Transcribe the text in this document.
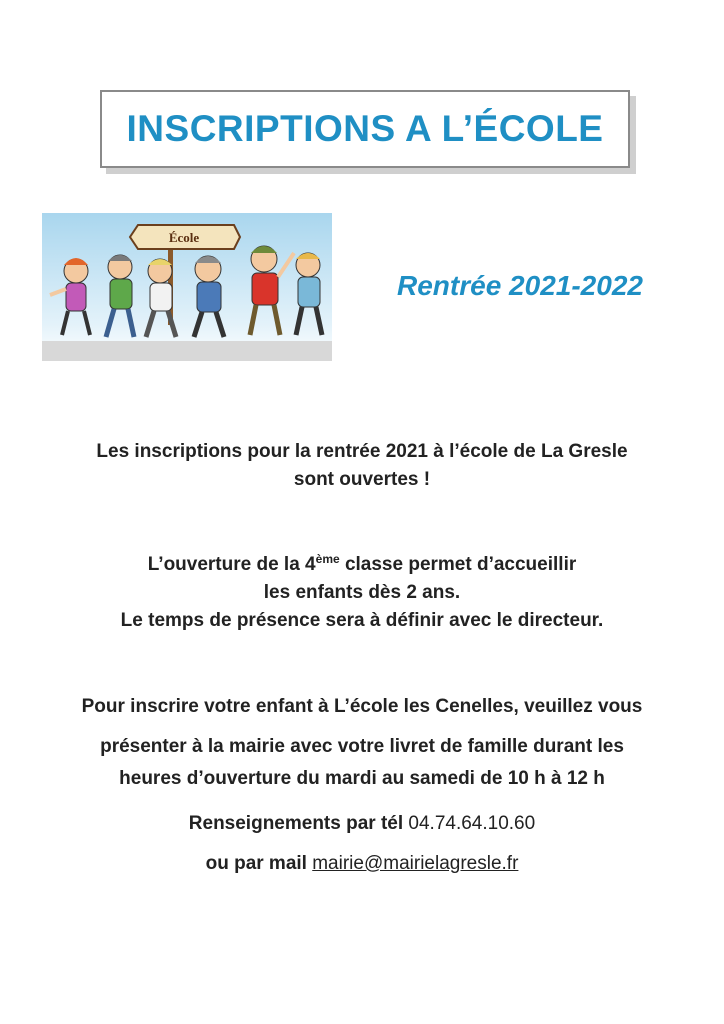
INSCRIPTIONS A L’ÉCOLE
École
Rentrée 2021-2022
Les inscriptions pour la rentrée 2021 à l’école de La Gresle
sont ouvertes !
L’ouverture de la 4ème classe permet d’accueillir
les enfants dès 2 ans.
Le temps de présence sera à définir avec le directeur.
Pour inscrire votre enfant à L’école les Cenelles, veuillez vous
présenter à la mairie avec votre livret de famille durant les
heures d’ouverture du mardi au samedi de 10 h à 12 h
Renseignements par tél 04.74.64.10.60
ou par mail mairie@mairielagresle.fr
